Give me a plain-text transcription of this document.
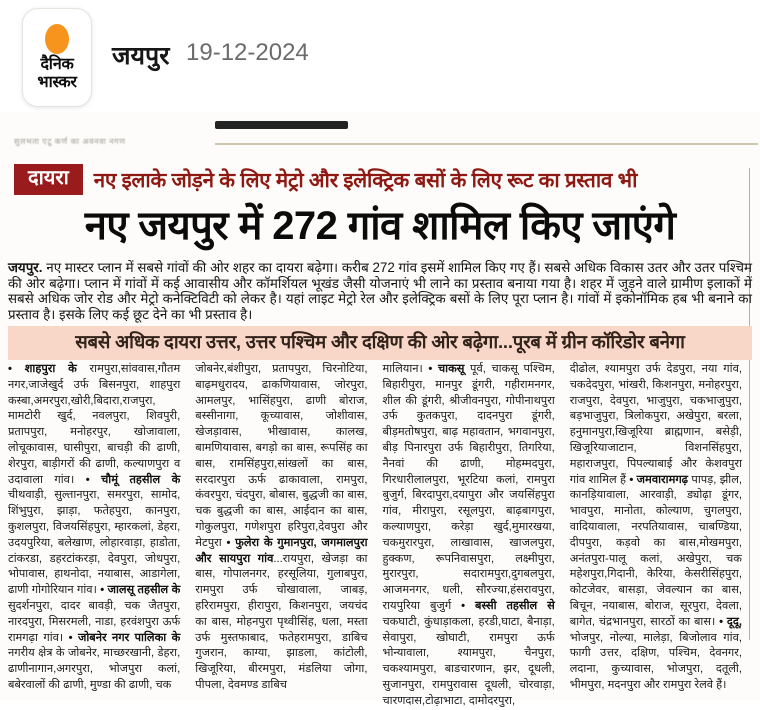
दैनिक
भास्कर
जयपुर 19-12-2024
सुलभता एटू कर्ण का अवनवा नगण
दायरा	नए इलाके जोड़ने के लिए मेट्रो और इलेक्ट्रिक बसों के लिए रूट का प्रस्ताव भी
नए जयपुर में 272 गांव शामिल किए जाएंगे
जयपुर. नए मास्टर प्लान में सबसे गांवों की ओर शहर का दायरा बढ़ेगा। करीब 272 गांव इसमें शामिल किए गए हैं। सबसे अधिक विकास उतर और उतर पश्चिम की ओर बढ़ेगा। प्लान में गांवों में कई आवासीय और कॉमर्शियल भूखंड जैसी योजनाएं भी लाने का प्रस्ताव बनाया गया है। शहर में जुड़ने वाले ग्रामीण इलाकों में सबसे अधिक जोर रोड और मेट्रो कनेक्टिविटी को लेकर है। यहां लाइट मेट्रो रेल और इलेक्ट्रिक बसों के लिए पूरा प्लान है। गांवों में इकोनॉमिक हब भी बनाने का प्रस्ताव है। इसके लिए कई छूट देने का भी प्रस्ताव है।
सबसे अधिक दायरा उत्तर, उत्तर पश्चिम और दक्षिण की ओर बढ़ेगा...पूरब में ग्रीन कॉरिडोर बनेगा
• शाहपुरा के रामपुरा,सांववास,गौतम नगर,जाजेखुर्द उर्फ बिसनपुरा, शाहपुरा कस्बा,अमरपुरा,खोरी,बिदारा,राजपुरा, मामटोरी खुर्द, नवलपुरा, शिवपुरी, प्रतापपुरा, मनोहरपुर, खोजावाला, लोचूकावास, घासीपुरा, बाचड़ी की ढाणी, शेरपुरा, बाड़ीगरों की ढाणी, कल्याणपुरा व उदावाला गांव। • चौमूं तहसील के चीथवाड़ी, सुल्तानपुरा, समरपुरा, सामोद, शिंभुपुरा, झाड़ा, फतेहपुरा, कानपुरा, कुशलपुरा, विजयसिंहपुरा, म्हारकलां, डेहरा, उदयपुरिया, बलेखाण, लोहारवाड़ा, हाडोता, टांकरडा, डहरटांकरड़ा, देवपुरा, जोधपुरा, भोपावास, हाथनोदा, नयाबास, आडागेला, ढाणी गोगोरियान गांव। • जालसू तहसील के सुदर्शनपुरा, दादर बावड़ी, चक जैतपुरा, नारदपुरा, मिसरमली, नाडा, हरवंशपुरा ऊर्फ रामगढ़ा गांव। • जोबनेर नगर पालिका के नगरीय क्षेत्र के जोबनेर, माच्छरखानी, डेहरा, ढाणीनागान,अगरपुरा, भोजपुरा कलां, बबेरवालों की ढाणी, मुण्डा की ढाणी, चक
जोबनेर,बंशीपुरा, प्रतापपुरा, चिरनोटिया, बाढ़मधुरादय, ढाकणियावास, जोरपुरा, आमलपुर, भासिंहपुरा, ढाणी बोराज, बस्सीनागा, कूच्यावास, जोशीवास, खेजड़ावास, भीखावास, कालख, बामणियावास, बगड़ो का बास, रूपसिंह का बास, रामसिंहपुरा,सांखलों का बास, सरदारपुरा ऊर्फ ढाकावाला, रामपुरा, कंवरपुरा, चंदपुरा, बोबास, बुद्धजी का बास, चक बुद्धजी का बास, आईदान का बास, गोकुलपुरा, गणेशपुरा हरिपुरा,देवपुरा और मेटपुरा • फुलेरा के गुमानपुरा, जगमालपुरा और सायपुरा गांव...रायपुरा, खेजड़ा का बास, गोपालनगर, हरसूलिया, गुलाबपुरा, रामपुरा उर्फ चोखावाला, जाबड़, हरिरामपुरा, हीरापुरा, किशनपुरा, जयचंद का बास, मोहनपुरा पृथ्वीसिंह, धला, मस्ता उर्फ मुस्तफाबाद, फतेहरामपुरा, डाबिच गुजरान, काग्या, झाडला, कांटोली, खिजूरिया, बीरमपुरा, मंडलिया जोगा, पीपला, देवमण्ड डाबिच
मालियान। • चाकसू पूर्व, चाकसू पश्चिम, बिहारीपुरा, मानपुर डूंगरी, गहीरामनगर, शील की डूंगरी, श्रीजीवनपुरा, गोपीनाथपुरा उर्फ कुतकपुरा, दादनपुरा डूंगरी, बीड़मतोषपुरा, बाढ़ महावतान, भगवानपुरा, बीड़ पिनारपुरा उर्फ बिहारीपुरा, तिगरिया, नैनवां की ढाणी, मोहम्मदपुरा, गिरधारीलालपुरा, भूरटिया कलां, रामपुरा बुजुर्ग, बिरदापुरा,दयापुरा और जयसिंहपुरा गांव, मीरापुरा, रसूलपुरा, बाढ़बागपुरा, कल्याणपुरा, करेड़ा खुर्द,मुमारखया, चकमुरारपुरा, लाखावास, खाजलपुरा, हुक्कण, रूपनिवासपुरा, लक्ष्मीपुरा, मुरारपुरा, सदारामपुरा,दुगबलपुरा, आजमनगर, धली, सौरज्या,हंसरावपुरा, रायपुरिया बुजुर्ग • बस्सी तहसील से चकघाटी, कुंधाड़ाकला, हरडी,घाटा, बैनाड़ा, सेवापुरा, खोघाटी, रामपुरा ऊर्फ भोन्यावाला, श्यामपुरा, चैनपुरा, चकश्यामपुरा, बाडचारणान, झर, दूधली, सुजानपुरा, रामपुरावास दूधली, चोरवाड़ा, चारणदास,टोढ़ाभाटा, दामोदरपुरा,
दीढोल, श्यामपुरा उर्फ देडपुरा, नया गांव, चकदेदपुरा, भांखरी, किशनपुरा, मनोहरपुरा, राजपुरा, देवपुरा, भाजुपुरा, चकभाजुपुरा, बड़भाजुपुरा, त्रिलोकपुरा, अखेपुरा, बरला, हनुमानपुरा,खिजूरिया ब्राह्मणान, बसेड़ी, खिजूरियाजाटान, विशनसिंहपुरा, महाराजपुरा, पिपल्याबाई और केशवपुरा गांव शामिल हैं • जमवारामगढ़ पापड़, झील, कानड़ियावाला, आरवाड़ी, ड्योढ़ा डूंगर, भावपुरा, मानोता, कोल्याण, चुगलपुरा, वादियावाला, नरपतियावास, चाबण्डिया, दीपपुरा, कड़वो का बास,मोखमपुरा, अनंतपुरा-पालू कलां, अखेपुरा, चक महेशपुरा,गिदानी, केरिया, केसरीसिंहपुरा, कोटजेवर, बासड़ा, जेवल्यान का बास, बिचून, नयाबास, बोराज, सूरपुरा, देवला, बागेत, चंद्रभानपुरा, सारठों का बास। • दूदू, भोजपुर, नोल्या, मालेड़ा, बिजोलाव गांव, फागी उत्तर, दक्षिण, पश्चिम, देवनगर, लदाना, कुच्यावास, भोजपुरा, दतूली, भीमपुरा, मदनपुरा और रामपुरा रेलवे हैं।
